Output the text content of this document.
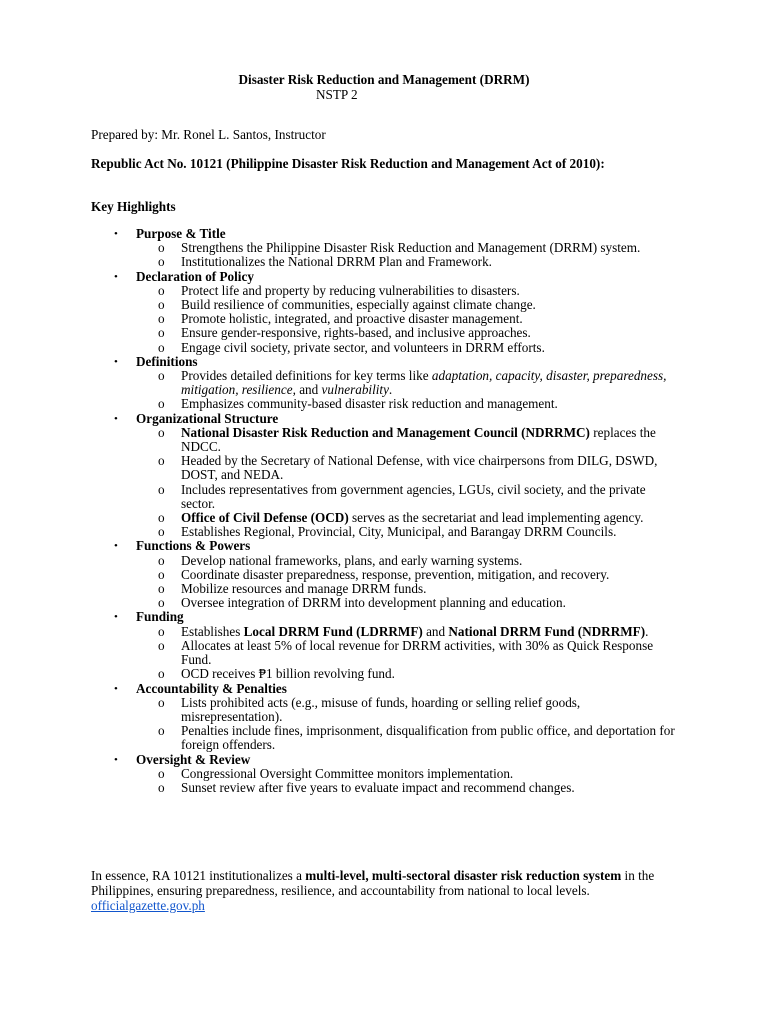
Disaster Risk Reduction and Management (DRRM)
NSTP 2
Prepared by: Mr. Ronel L. Santos, Instructor
Republic Act No. 10121 (Philippine Disaster Risk Reduction and Management Act of 2010):
Key Highlights
• Purpose & Title
o Strengthens the Philippine Disaster Risk Reduction and Management (DRRM) system.
o Institutionalizes the National DRRM Plan and Framework.
• Declaration of Policy
o Protect life and property by reducing vulnerabilities to disasters.
o Build resilience of communities, especially against climate change.
o Promote holistic, integrated, and proactive disaster management.
o Ensure gender-responsive, rights-based, and inclusive approaches.
o Engage civil society, private sector, and volunteers in DRRM efforts.
• Definitions
o Provides detailed definitions for key terms like adaptation, capacity, disaster, preparedness, mitigation, resilience, and vulnerability.
o Emphasizes community-based disaster risk reduction and management.
• Organizational Structure
o National Disaster Risk Reduction and Management Council (NDRRMC) replaces the NDCC.
o Headed by the Secretary of National Defense, with vice chairpersons from DILG, DSWD, DOST, and NEDA.
o Includes representatives from government agencies, LGUs, civil society, and the private sector.
o Office of Civil Defense (OCD) serves as the secretariat and lead implementing agency.
o Establishes Regional, Provincial, City, Municipal, and Barangay DRRM Councils.
• Functions & Powers
o Develop national frameworks, plans, and early warning systems.
o Coordinate disaster preparedness, response, prevention, mitigation, and recovery.
o Mobilize resources and manage DRRM funds.
o Oversee integration of DRRM into development planning and education.
• Funding
o Establishes Local DRRM Fund (LDRRMF) and National DRRM Fund (NDRRMF).
o Allocates at least 5% of local revenue for DRRM activities, with 30% as Quick Response Fund.
o OCD receives ₱1 billion revolving fund.
• Accountability & Penalties
o Lists prohibited acts (e.g., misuse of funds, hoarding or selling relief goods, misrepresentation).
o Penalties include fines, imprisonment, disqualification from public office, and deportation for foreign offenders.
• Oversight & Review
o Congressional Oversight Committee monitors implementation.
o Sunset review after five years to evaluate impact and recommend changes.
In essence, RA 10121 institutionalizes a multi-level, multi-sectoral disaster risk reduction system in the Philippines, ensuring preparedness, resilience, and accountability from national to local levels. officialgazette.gov.ph
